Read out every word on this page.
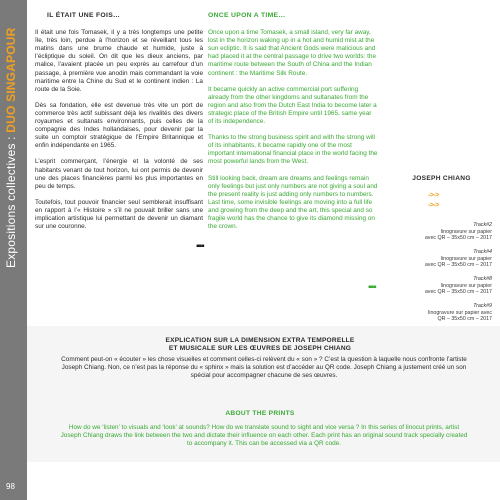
Expositions collectives : DUO SINGAPOUR
98
IL ÉTAIT UNE FOIS…

Il était une fois Tomasek, il y a très longtemps une petite île, très loin, perdue à l’horizon et se réveillant tous les matins dans une brume chaude et humide, juste à l’écliptique du soleil. On dit que les dieux anciens, par malice, l’avaient placée un peu exprès au carrefour d’un passage, à première vue anodin mais commandant la voie maritime entre la Chine du Sud et le continent indien : La route de la Soie.

Dès sa fondation, elle est devenue très vite un port de commerce très actif subissant déjà les rivalités des divers royaumes et sultanats environnants, puis celles de la compagnie des Indes hollandaises, pour devenir par la suite un comptoir stratégique de l’Empire Britannique et enfin indépendante en 1965.

L’esprit commerçant, l’énergie et la volonté de ses habitants venant de tout horizon, lui ont permis de devenir une des places financières parmi les plus importantes en peu de temps.

Toutefois, tout pouvoir financier seul semblerait insuffisant en rapport à l’« Histoire » s’il ne pouvait briller sans une implication artistique lui permettant de devenir un diamant sur une couronne.

▪▪▪
ONCE UPON A TIME…

Once upon a time Tomasek, a small island, very far away, lost in the horizon waking up in a hot and humid mist at the sun ecliptic. It is said that Ancient Gods were malicious and had placed it at the central passage to drive two worlds: the maritime route between the South of China and the Indian continent : the Maritime Silk Route.

It became quickly an active commercial port suffering already from the other kingdoms and sultanates from the region and also from the Dutch East India to become later a strategic place of the British Empire until 1965, same year of its independence.

Thanks to the strong business spirit and with the strong will of its inhabitants, it became rapidly one of the most important international financial place in the world facing the most powerful lands from the West.

Still looking back, dream are dreams and feelings remain only feelings but just only numbers are not giving a soul and the present reality is just adding only numbers to numbers. Last time, some invisible feelings are moving into a full life and growing from the deep and the art, this special and so fragile world has the chance to give its diamond missing on the crown.

▪▪▪
JOSEPH CHIANG
->->
->->
Track#2
linogravure sur papier
avec QR – 35x50 cm – 2017
Track#4
linogravure sur papier
avec QR – 35x50 cm – 2017
Track#8
linogravure sur papier
avec QR – 35x50 cm – 2017
Track#9
linogravure sur papier avec
QR – 35x50 cm – 2017
EXPLICATION SUR LA DIMENSION EXTRA TEMPORELLE
ET MUSICALE SUR LES ŒUVRES DE JOSEPH CHIANG

Comment peut-on « écouter » les chose visuelles et comment celles-ci relèvent du « son » ? C’est la question à laquelle nous confronte l’artiste Joseph Chiang. Non, ce n’est pas la réponse du « sphinx » mais la solution est d’accéder au QR code. Joseph Chiang a justement créé un son spécial pour accompagner chacune de ses œuvres.

ABOUT THE PRINTS

How do we ‘listen’ to visuals and ‘look’ at sounds? How do we translate sound to sight and vice versa ? In this series of linocut prints, artist Joseph Chiang draws the link between the two and dictate their influence on each other. Each print has an original sound track specially created to accompany it. This can be accessed via a QR code.
